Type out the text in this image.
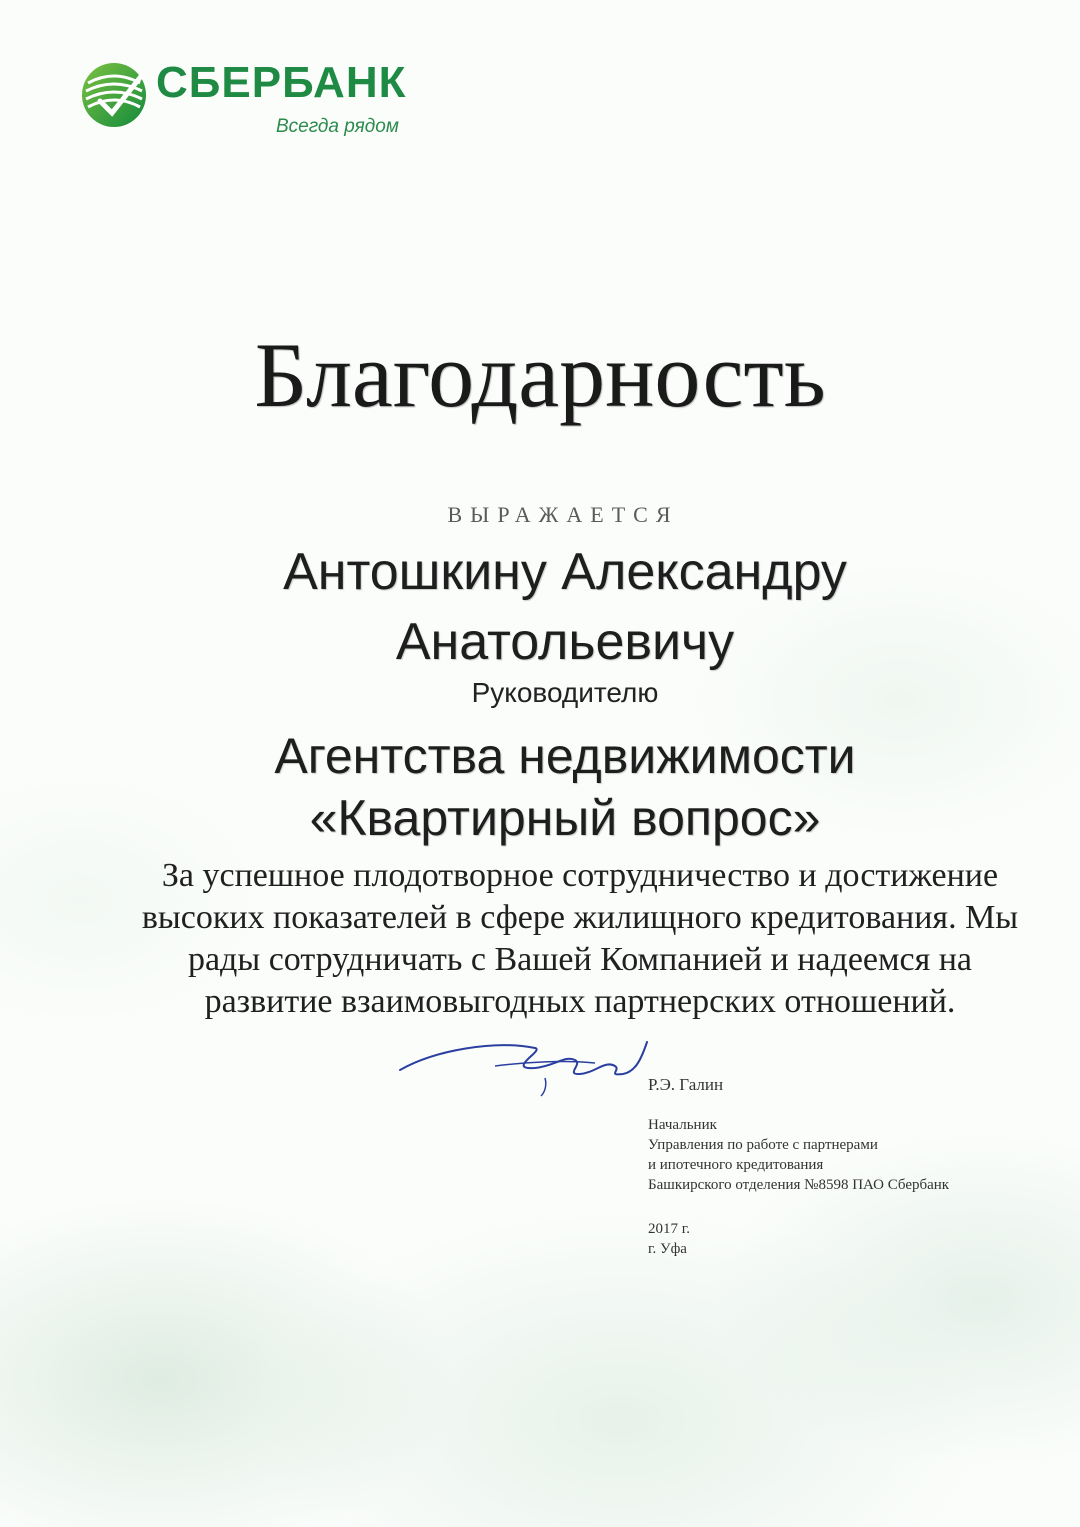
СБЕРБАНК
Всегда рядом
Благодарность
ВЫРАЖАЕТСЯ
Антошкину Александру
Анатольевичу
Руководителю
Агентства недвижимости
«Квартирный вопрос»
За успешное плодотворное сотрудничество и достижение
высоких показателей в сфере жилищного кредитования. Мы
рады сотрудничать с Вашей Компанией и надеемся на
развитие взаимовыгодных партнерских отношений.
Р.Э. Галин
Начальник
Управления по работе с партнерами
и ипотечного кредитования
Башкирского отделения №8598 ПАО Сбербанк
2017 г.
г. Уфа
